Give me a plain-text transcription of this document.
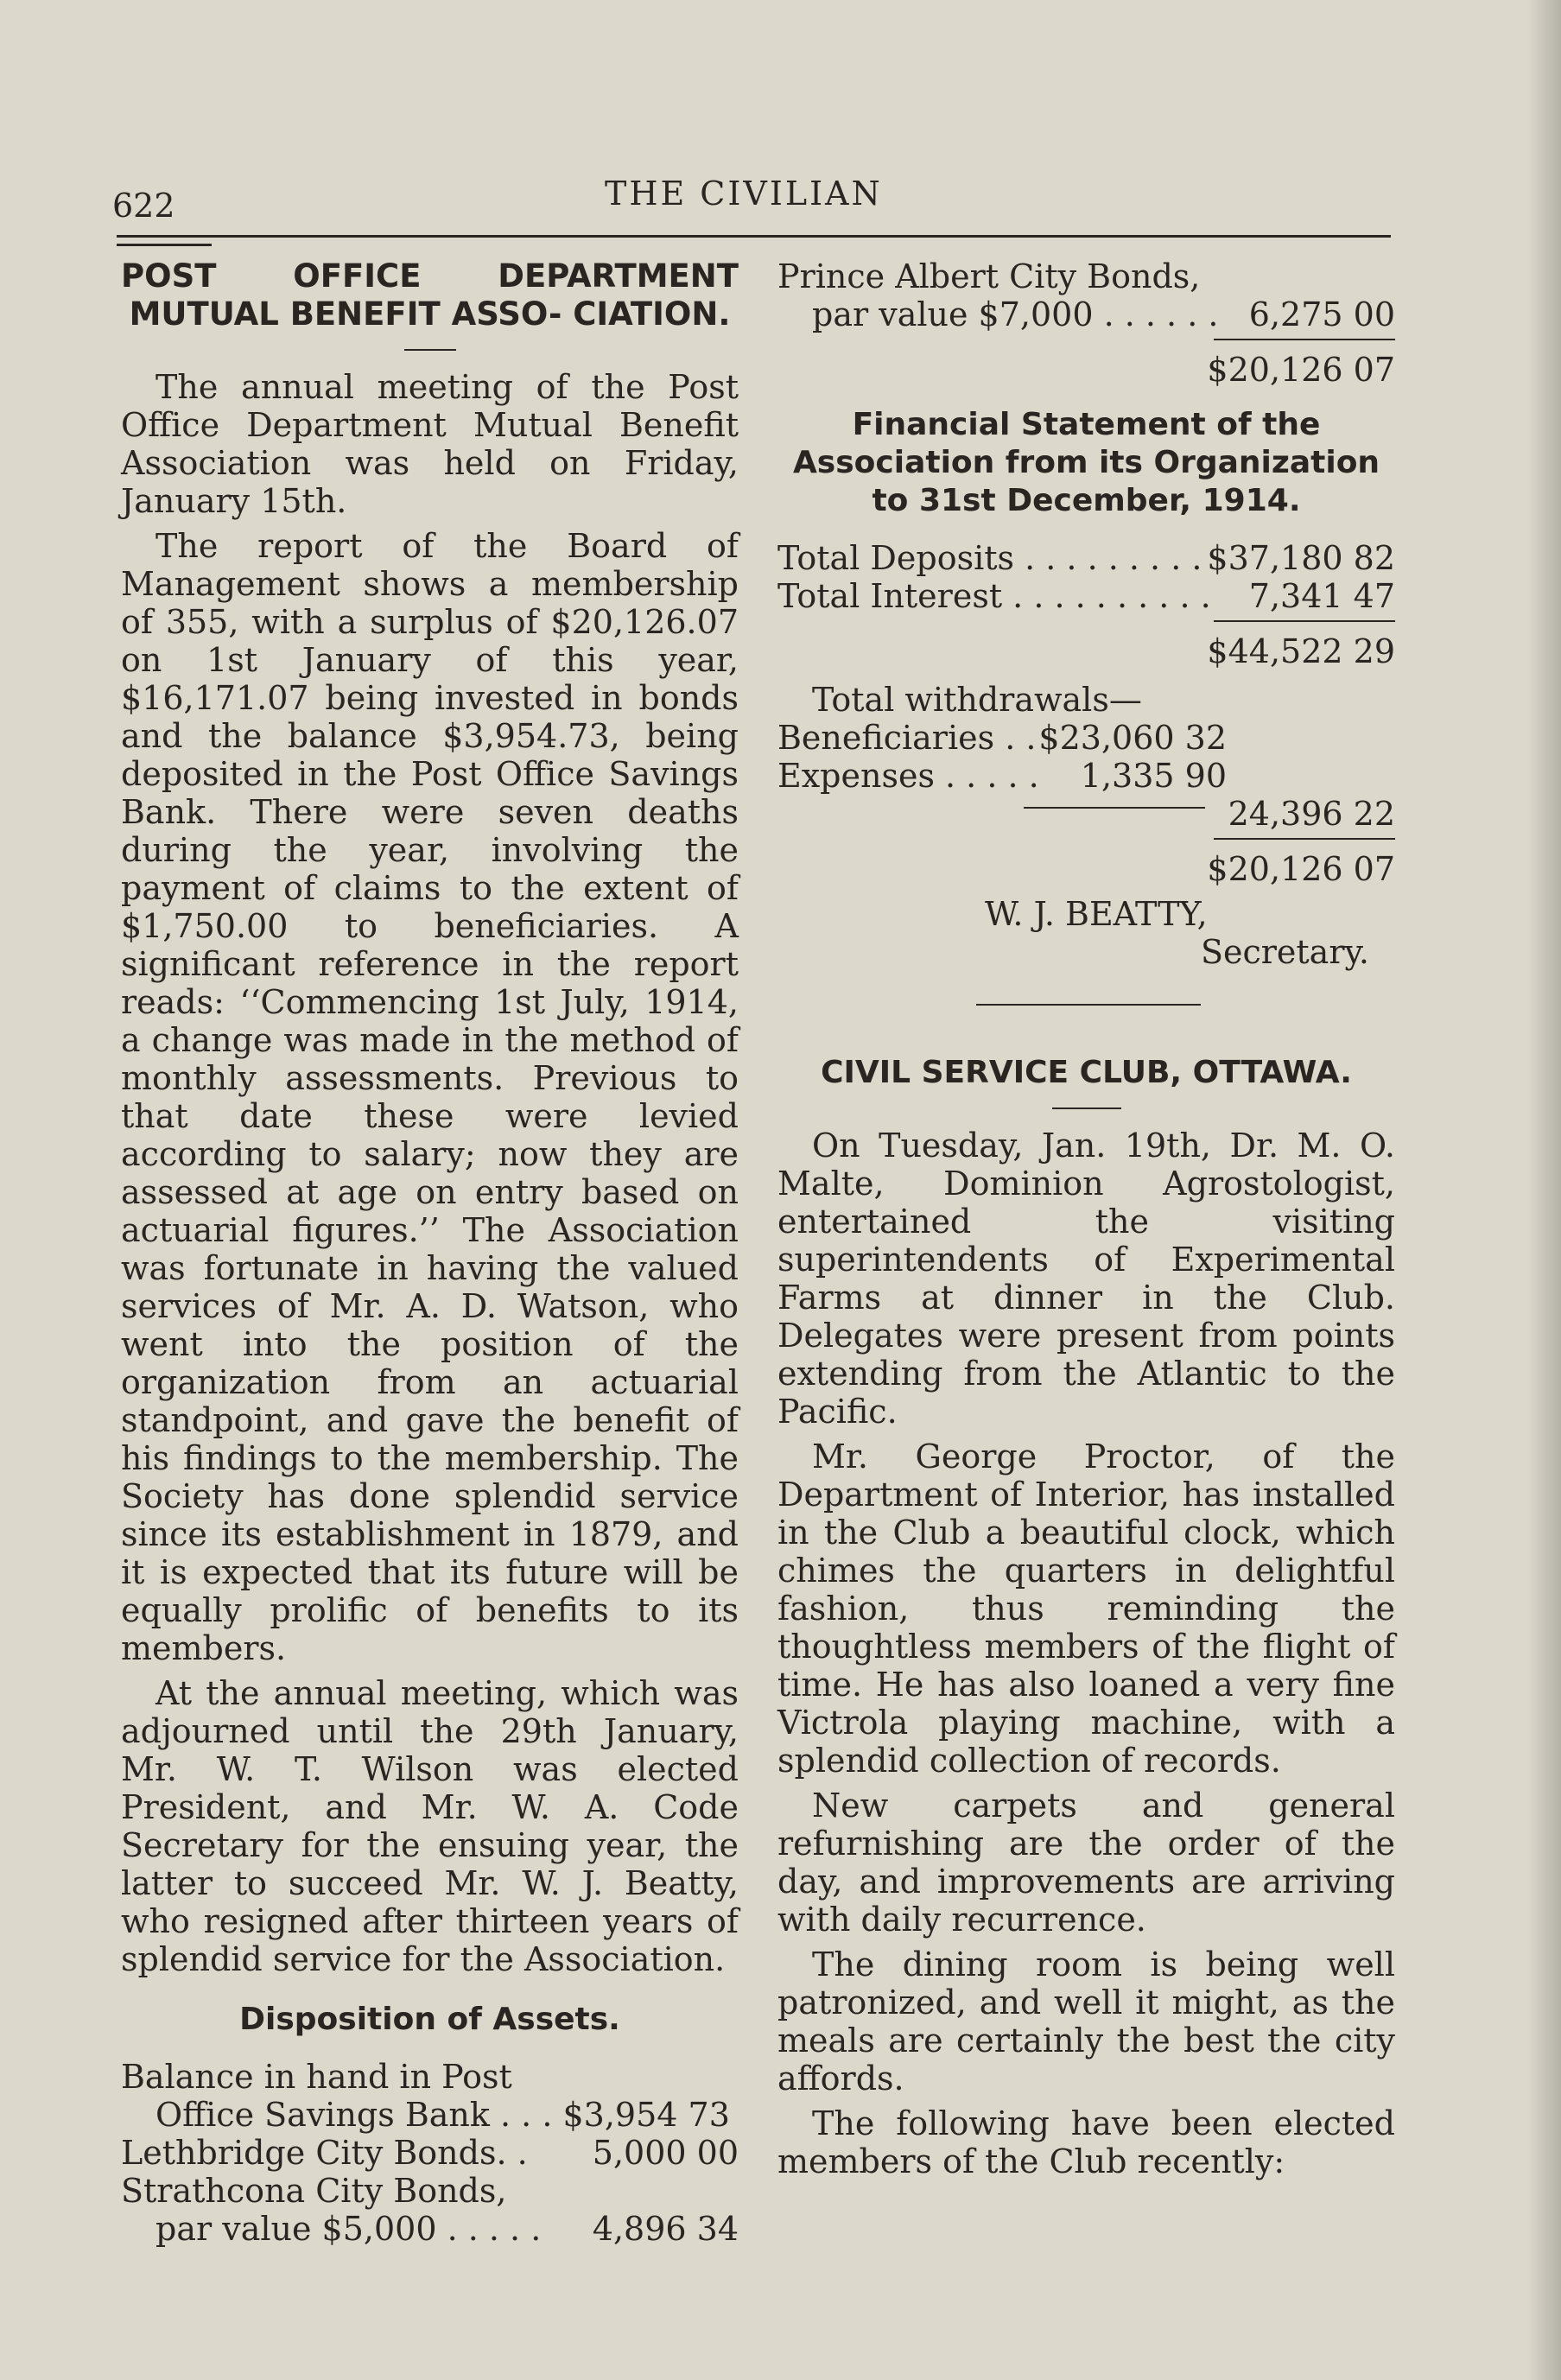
622	THE CIVILIAN
POST OFFICE DEPARTMENT MUTUAL BENEFIT ASSO- CIATION.

The annual meeting of the Post Office Department Mutual Benefit Association was held on Friday, January 15th.

The report of the Board of Management shows a membership of 355, with a surplus of $20,126.07 on 1st January of this year, $16,171.07 being invested in bonds and the balance $3,954.73, being deposited in the Post Office Savings Bank. There were seven deaths during the year, involving the payment of claims to the extent of $1,750.00 to beneficiaries. A significant reference in the report reads: ‘‘Commencing 1st July, 1914, a change was made in the method of monthly assessments. Previous to that date these were levied according to salary; now they are assessed at age on entry based on actuarial figures.’’ The Association was fortunate in having the valued services of Mr. A. D. Watson, who went into the position of the organization from an actuarial standpoint, and gave the benefit of his findings to the membership. The Society has done splendid service since its establishment in 1879, and it is expected that its future will be equally prolific of benefits to its members.

At the annual meeting, which was adjourned until the 29th January, Mr. W. T. Wilson was elected President, and Mr. W. A. Code Secretary for the ensuing year, the latter to succeed Mr. W. J. Beatty, who resigned after thirteen years of splendid service for the Association.

Disposition of Assets.
Balance in hand in Post
Office Savings Bank . . . $3,954 73
Lethbridge City Bonds. . 5,000 00
Strathcona City Bonds,
par value $5,000 . . . . . 4,896 34
Prince Albert City Bonds,
par value $7,000 . . . . . . 6,275 00
$20,126 07
Financial Statement of the Association from its Organization to 31st December, 1914.
Total Deposits . . . . . . . . . $37,180 82
Total Interest . . . . . . . . . . 7,341 47
$44,522 29
Total withdrawals—
Beneficiaries . . $23,060 32
Expenses . . . . . 1,335 90
24,396 22
$20,126 07
W. J. BEATTY,
Secretary.
CIVIL SERVICE CLUB, OTTAWA.

On Tuesday, Jan. 19th, Dr. M. O. Malte, Dominion Agrostologist, entertained the visiting superintendents of Experimental Farms at dinner in the Club. Delegates were present from points extending from the Atlantic to the Pacific.

Mr. George Proctor, of the Department of Interior, has installed in the Club a beautiful clock, which chimes the quarters in delightful fashion, thus reminding the thoughtless members of the flight of time. He has also loaned a very fine Victrola playing machine, with a splendid collection of records.

New carpets and general refurnishing are the order of the day, and improvements are arriving with daily recurrence.

The dining room is being well patronized, and well it might, as the meals are certainly the best the city affords.

The following have been elected members of the Club recently:
